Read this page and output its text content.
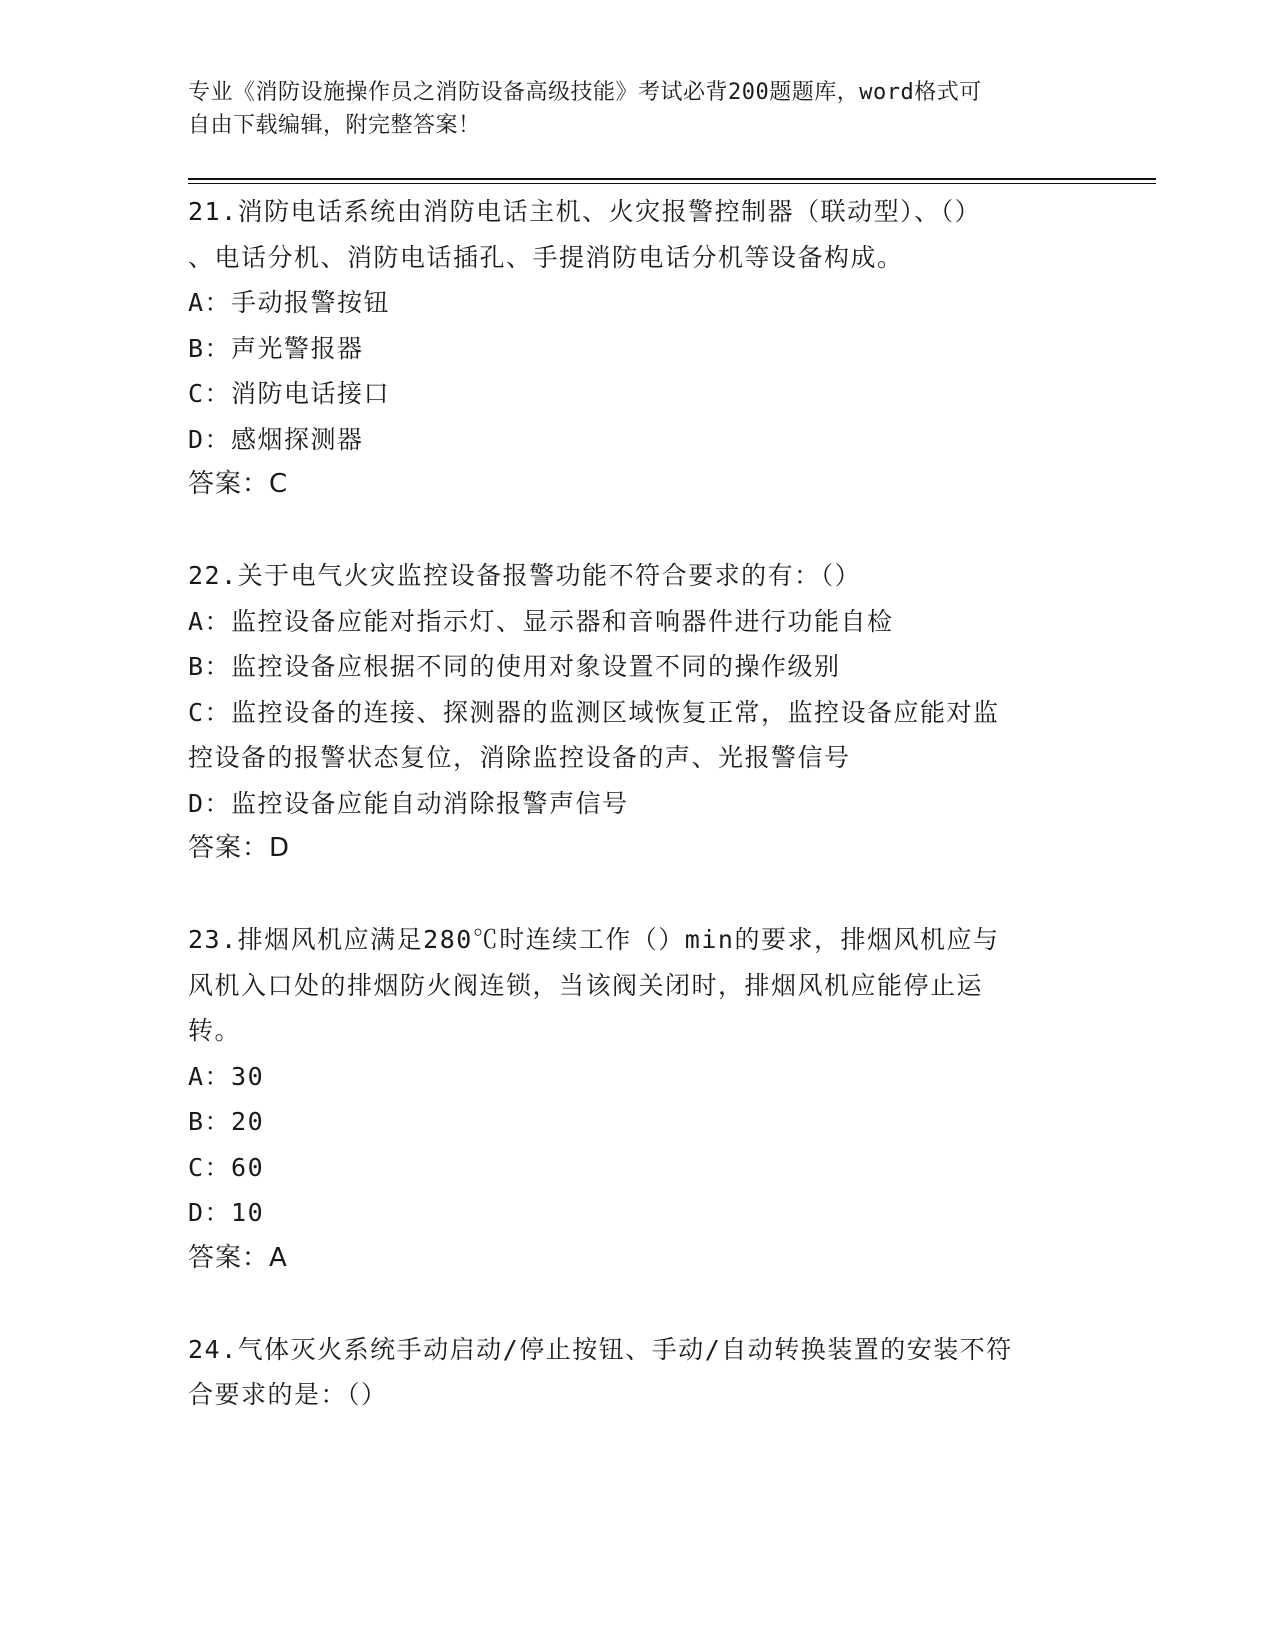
专业《消防设施操作员之消防设备高级技能》考试必背200题题库，word格式可
自由下载编辑，附完整答案！
21.消防电话系统由消防电话主机、火灾报警控制器（联动型）、（）
、电话分机、消防电话插孔、手提消防电话分机等设备构成。
A：手动报警按钮
B：声光警报器
C：消防电话接口
D：感烟探测器
答案：C
22.关于电气火灾监控设备报警功能不符合要求的有：（）
A：监控设备应能对指示灯、显示器和音响器件进行功能自检
B：监控设备应根据不同的使用对象设置不同的操作级别
C：监控设备的连接、探测器的监测区域恢复正常，监控设备应能对监
控设备的报警状态复位，消除监控设备的声、光报警信号
D：监控设备应能自动消除报警声信号
答案：D
23.排烟风机应满足280℃时连续工作（）min的要求，排烟风机应与
风机入口处的排烟防火阀连锁，当该阀关闭时，排烟风机应能停止运
转。
A：30
B：20
C：60
D：10
答案：A
24.气体灭火系统手动启动/停止按钮、手动/自动转换装置的安装不符
合要求的是：（）
